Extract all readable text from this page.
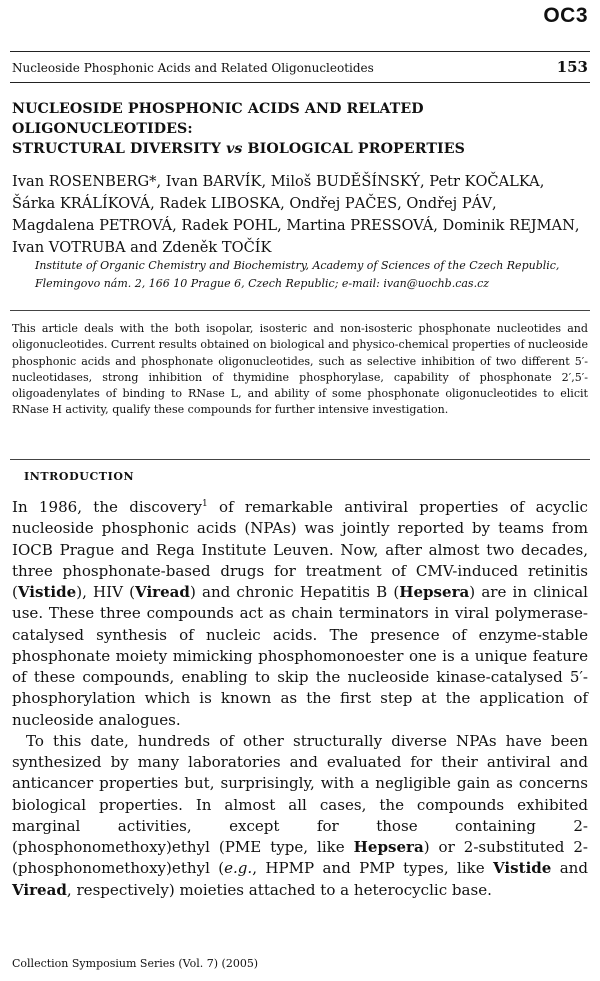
OC3
Nucleoside Phosphonic Acids and Related Oligonucleotides	153
NUCLEOSIDE PHOSPHONIC ACIDS AND RELATED OLIGONUCLEOTIDES:
STRUCTURAL DIVERSITY vs BIOLOGICAL PROPERTIES
Ivan ROSENBERG*, Ivan BARVÍK, Miloš BUDĚŠÍNSKÝ, Petr KOČALKA,
Šárka KRÁLÍKOVÁ, Radek LIBOSKA, Ondřej PAČES, Ondřej PÁV,
Magdalena PETROVÁ, Radek POHL, Martina PRESSOVÁ, Dominik REJMAN,
Ivan VOTRUBA and Zdeněk TOČÍK
Institute of Organic Chemistry and Biochemistry, Academy of Sciences of the Czech Republic,
Flemingovo nám. 2, 166 10 Prague 6, Czech Republic; e-mail: ivan@uochb.cas.cz
This article deals with the both isopolar, isosteric and non-isosteric phosphonate nucleotides and oligonucleotides. Current results obtained on biological and physico-chemical properties of nucleoside phosphonic acids and phosphonate oligonucleotides, such as selective inhibition of two different 5′-nucleotidases, strong inhibition of thymidine phosphorylase, capability of phosphonate 2′,5′-oligoadenylates of binding to RNase L, and ability of some phosphonate oligonucleotides to elicit RNase H activity, qualify these compounds for further intensive investigation.
INTRODUCTION

In 1986, the discovery$^1$ of remarkable antiviral properties of acyclic nucleoside phosphonic acids (NPAs) was jointly reported by teams from IOCB Prague and Rega Institute Leuven. Now, after almost two decades, three phosphonate-based drugs for treatment of CMV-induced retinitis (Vistide), HIV (Viread) and chronic Hepatitis B (Hepsera) are in clinical use. These three compounds act as chain terminators in viral polymerase-catalysed synthesis of nucleic acids. The presence of enzyme-stable phosphonate moiety mimicking phosphomonoester one is a unique feature of these compounds, enabling to skip the nucleoside kinase-catalysed 5′-phosphorylation which is known as the first step at the application of nucleoside analogues.

To this date, hundreds of other structurally diverse NPAs have been synthesized by many laboratories and evaluated for their antiviral and anticancer properties but, surprisingly, with a negligible gain as concerns biological properties. In almost all cases, the compounds exhibited marginal activities, except for those containing 2-(phosphonomethoxy)ethyl (PME type, like Hepsera) or 2-substituted 2-(phosphonomethoxy)ethyl (e.g., HPMP and PMP types, like Vistide and Viread, respectively) moieties attached to a heterocyclic base.

Collection Symposium Series (Vol. 7) (2005)
